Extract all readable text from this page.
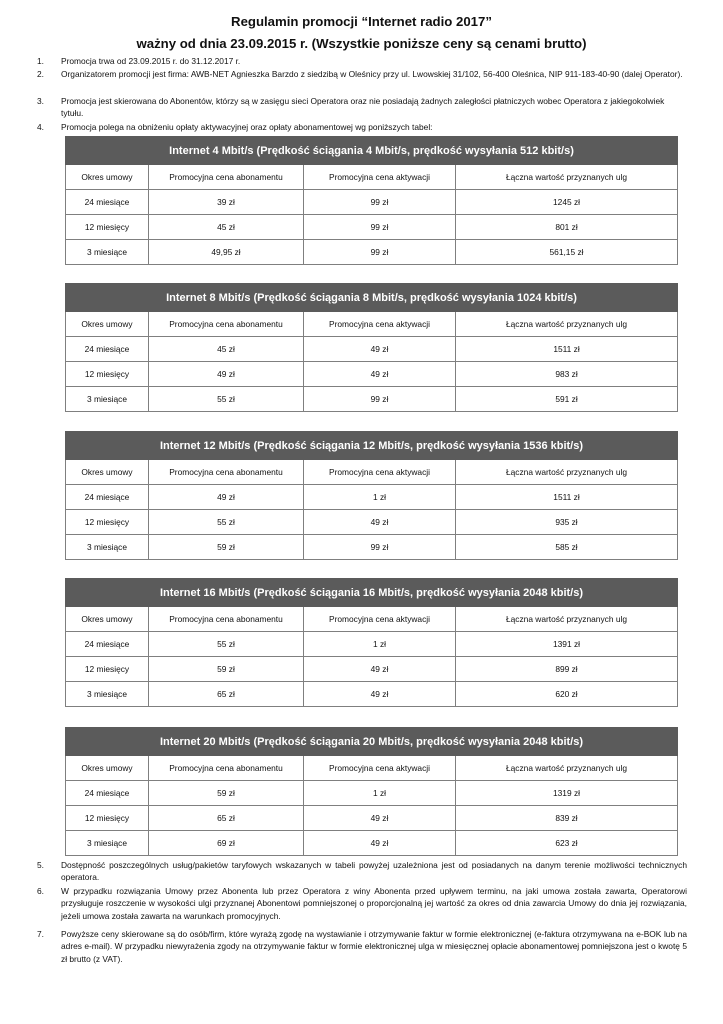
Regulamin promocji “Internet radio 2017”
ważny od dnia 23.09.2015 r. (Wszystkie poniższe ceny są cenami brutto)
1. Promocja trwa od 23.09.2015 r. do 31.12.2017 r.
2. Organizatorem promocji jest firma: AWB-NET Agnieszka Barzdo z siedzibą w Oleśnicy przy ul. Lwowskiej 31/102, 56-400 Oleśnica, NIP 911-183-40-90 (dalej Operator).
3. Promocja jest skierowana do Abonentów, którzy są w zasięgu sieci Operatora oraz nie posiadają żadnych zaległości płatniczych wobec Operatora z jakiegokolwiek tytułu.
4. Promocja polega na obniżeniu opłaty aktywacyjnej oraz opłaty abonamentowej wg poniższych tabel:
Internet 4 Mbit/s (Prędkość ściągania 4 Mbit/s, prędkość wysyłania 512 kbit/s)			
Okres umowy	Promocyjna cena abonamentu	Promocyjna cena aktywacji	Łączna wartość przyznanych ulg
24 miesiące	39 zł	99 zł	1245 zł
12 miesięcy	45 zł	99 zł	801 zł
3 miesiące	49,95 zł	99 zł	561,15 zł
Internet 8 Mbit/s (Prędkość ściągania 8 Mbit/s, prędkość wysyłania 1024 kbit/s)			
Okres umowy	Promocyjna cena abonamentu	Promocyjna cena aktywacji	Łączna wartość przyznanych ulg
24 miesiące	45 zł	49 zł	1511 zł
12 miesięcy	49 zł	49 zł	983 zł
3 miesiące	55 zł	99 zł	591 zł
Internet 12 Mbit/s (Prędkość ściągania 12 Mbit/s, prędkość wysyłania 1536 kbit/s)			
Okres umowy	Promocyjna cena abonamentu	Promocyjna cena aktywacji	Łączna wartość przyznanych ulg
24 miesiące	49 zł	1 zł	1511 zł
12 miesięcy	55 zł	49 zł	935 zł
3 miesiące	59 zł	99 zł	585 zł
Internet 16 Mbit/s (Prędkość ściągania 16 Mbit/s, prędkość wysyłania 2048 kbit/s)			
Okres umowy	Promocyjna cena abonamentu	Promocyjna cena aktywacji	Łączna wartość przyznanych ulg
24 miesiące	55 zł	1 zł	1391 zł
12 miesięcy	59 zł	49 zł	899 zł
3 miesiące	65 zł	49 zł	620 zł
Internet 20 Mbit/s (Prędkość ściągania 20 Mbit/s, prędkość wysyłania 2048 kbit/s)			
Okres umowy	Promocyjna cena abonamentu	Promocyjna cena aktywacji	Łączna wartość przyznanych ulg
24 miesiące	59 zł	1 zł	1319 zł
12 miesięcy	65 zł	49 zł	839 zł
3 miesiące	69 zł	49 zł	623 zł
5. Dostępność poszczególnych usług/pakietów taryfowych wskazanych w tabeli powyżej uzależniona jest od posiadanych na danym terenie możliwości technicznych operatora.
6. W przypadku rozwiązania Umowy przez Abonenta lub przez Operatora z winy Abonenta przed upływem terminu, na jaki umowa została zawarta, Operatorowi przysługuje roszczenie w wysokości ulgi przyznanej Abonentowi pomniejszonej o proporcjonalną jej wartość za okres od dnia zawarcia Umowy do dnia jej rozwiązania, jeżeli umowa została zawarta na warunkach promocyjnych.
7. Powyższe ceny skierowane są do osób/firm, które wyrażą zgodę na wystawianie i otrzymywanie faktur w formie elektronicznej (e-faktura otrzymywana na e-BOK lub na adres e-mail). W przypadku niewyrażenia zgody na otrzymywanie faktur w formie elektronicznej ulga w miesięcznej opłacie abonamentowej pomniejszona jest o kwotę 5 zł brutto (z VAT).
